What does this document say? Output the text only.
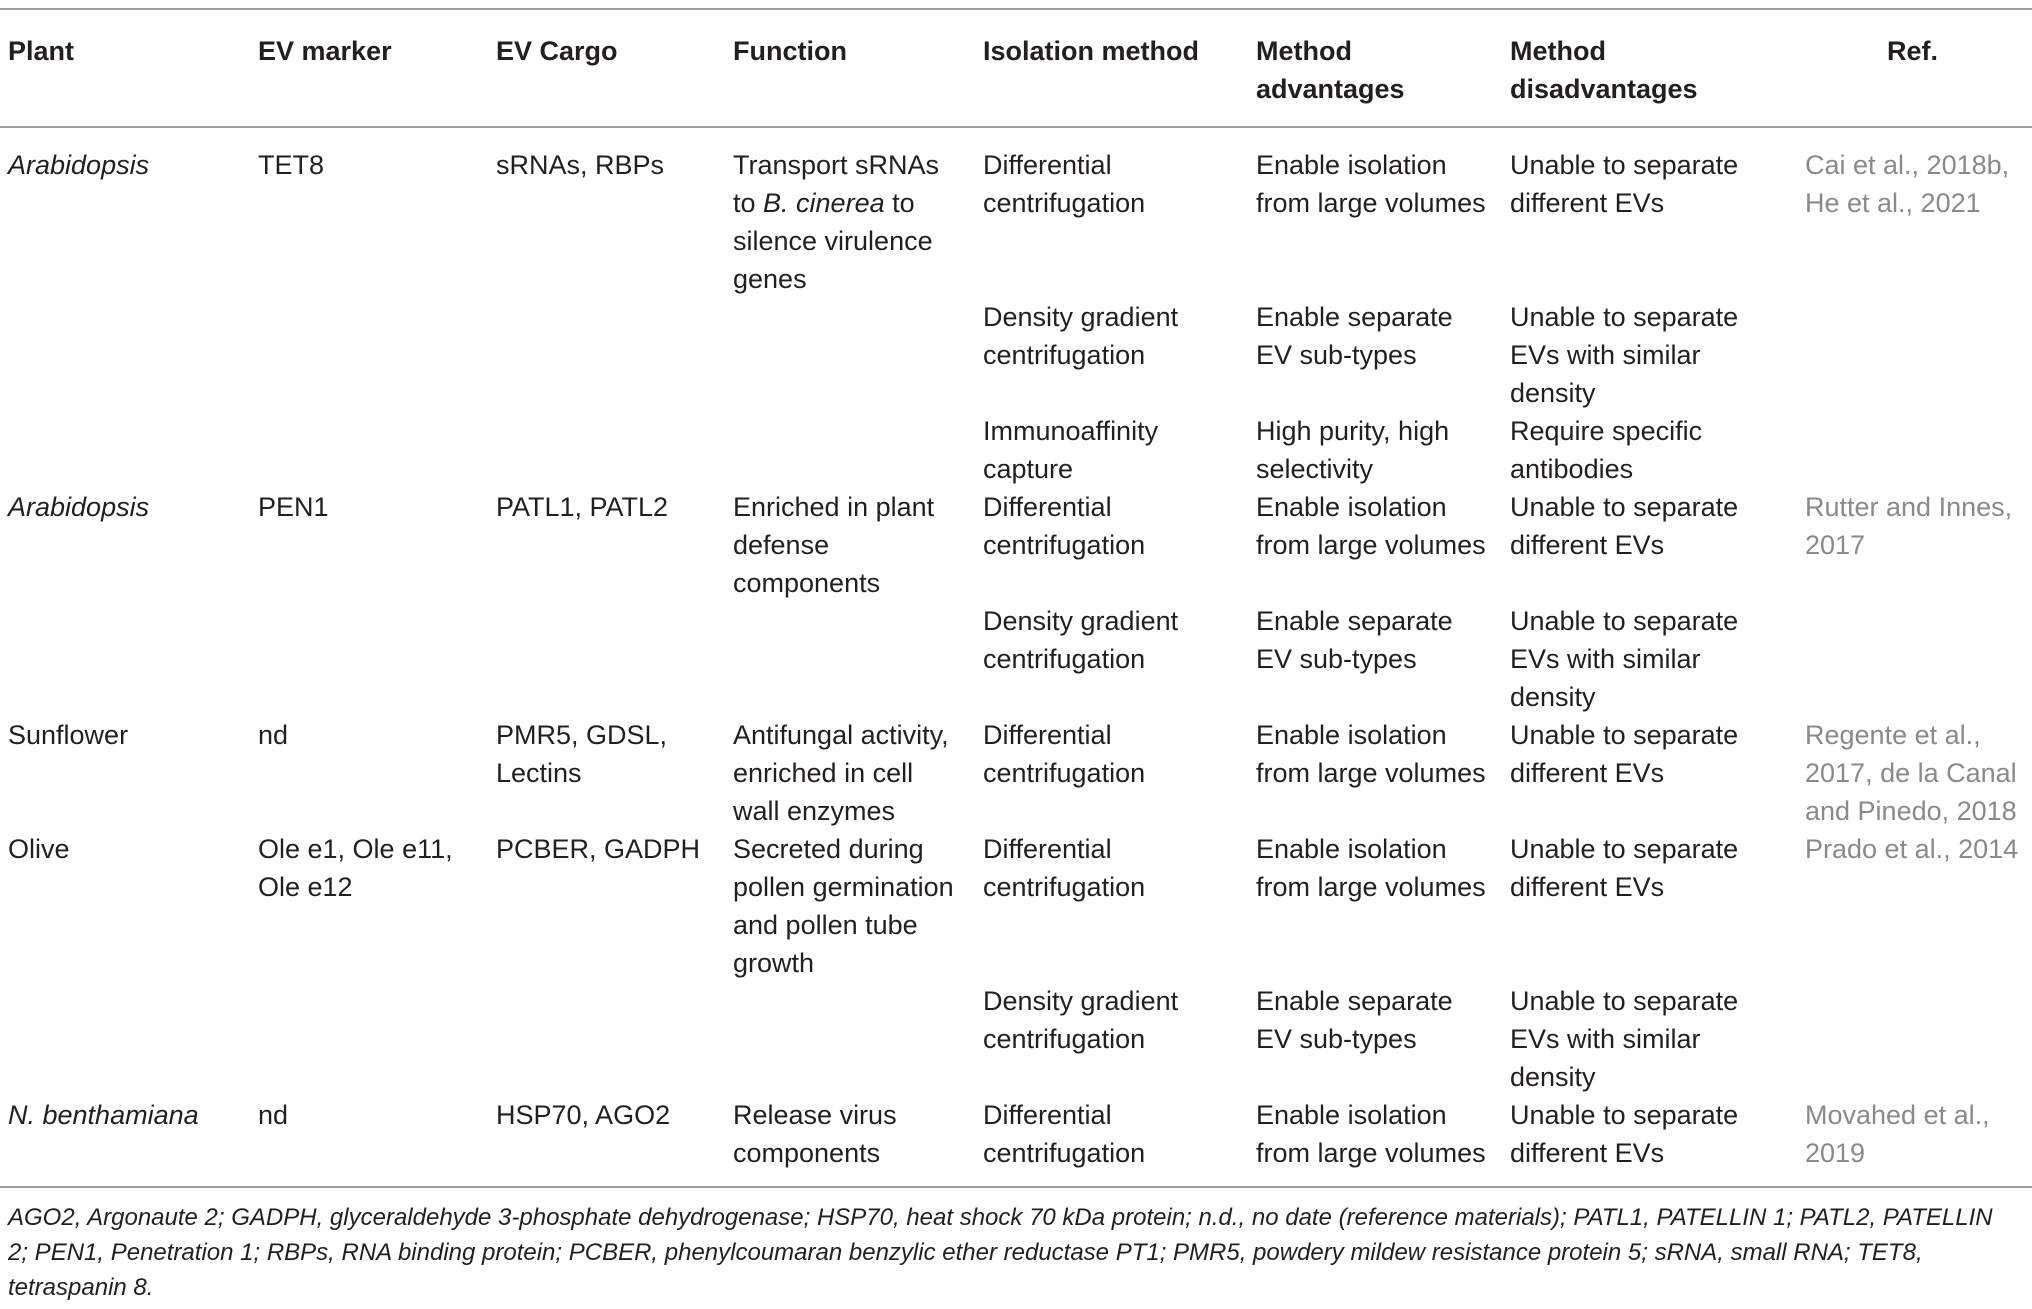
Plant	EV marker	EV Cargo	Function	Isolation method	Method advantages	Method disadvantages	Ref.
Arabidopsis	TET8	sRNAs, RBPs	Transport sRNAs to B. cinerea to silence virulence genes	Differential centrifugation	Enable isolation from large volumes	Unable to separate different EVs	Cai et al., 2018b, He et al., 2021
				Density gradient centrifugation	Enable separate EV sub-types	Unable to separate EVs with similar density	
				Immunoaffinity capture	High purity, high selectivity	Require specific antibodies	
Arabidopsis	PEN1	PATL1, PATL2	Enriched in plant defense components	Differential centrifugation	Enable isolation from large volumes	Unable to separate different EVs	Rutter and Innes, 2017
				Density gradient centrifugation	Enable separate EV sub-types	Unable to separate EVs with similar density	
Sunflower	nd	PMR5, GDSL, Lectins	Antifungal activity, enriched in cell wall enzymes	Differential centrifugation	Enable isolation from large volumes	Unable to separate different EVs	Regente et al., 2017, de la Canal and Pinedo, 2018
Olive	Ole e1, Ole e11, Ole e12	PCBER, GADPH	Secreted during pollen germination and pollen tube growth	Differential centrifugation	Enable isolation from large volumes	Unable to separate different EVs	Prado et al., 2014
				Density gradient centrifugation	Enable separate EV sub-types	Unable to separate EVs with similar density	
N. benthamiana	nd	HSP70, AGO2	Release virus components	Differential centrifugation	Enable isolation from large volumes	Unable to separate different EVs	Movahed et al., 2019
AGO2, Argonaute 2; GADPH, glyceraldehyde 3-phosphate dehydrogenase; HSP70, heat shock 70 kDa protein; n.d., no date (reference materials); PATL1, PATELLIN 1; PATL2, PATELLIN 2; PEN1, Penetration 1; RBPs, RNA binding protein; PCBER, phenylcoumaran benzylic ether reductase PT1; PMR5, powdery mildew resistance protein 5; sRNA, small RNA; TET8, tetraspanin 8.
